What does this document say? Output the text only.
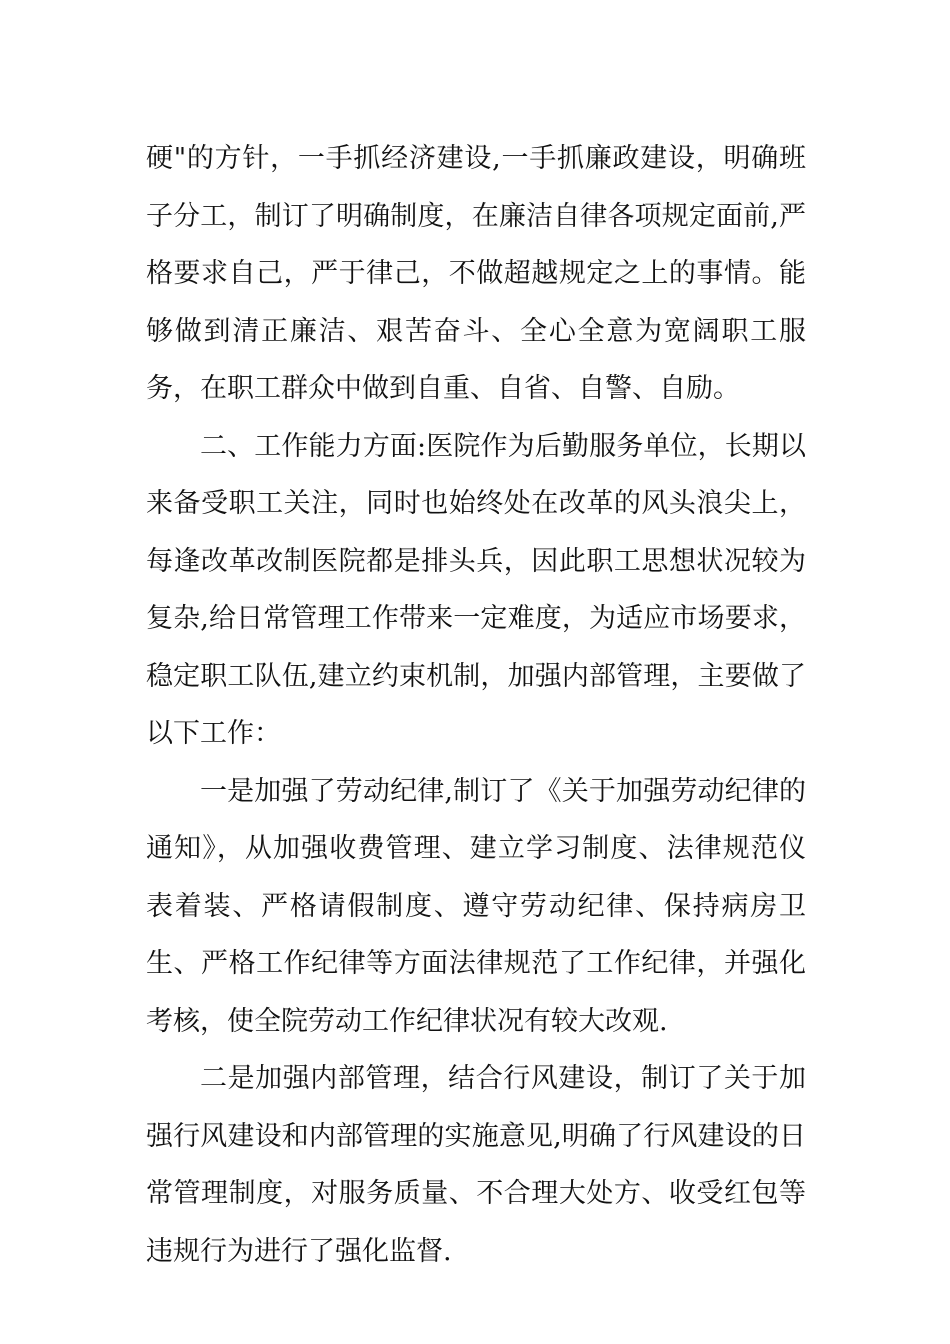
硬"的方针，一手抓经济建设,一手抓廉政建设，明确班子分工，制订了明确制度，在廉洁自律各项规定面前,严格要求自己，严于律己，不做超越规定之上的事情。能够做到清正廉洁、艰苦奋斗、全心全意为宽阔职工服务，在职工群众中做到自重、自省、自警、自励。

二、工作能力方面:医院作为后勤服务单位，长期以来备受职工关注，同时也始终处在改革的风头浪尖上，每逢改革改制医院都是排头兵，因此职工思想状况较为复杂,给日常管理工作带来一定难度，为适应市场要求，稳定职工队伍,建立约束机制，加强内部管理，主要做了以下工作：

一是加强了劳动纪律,制订了《关于加强劳动纪律的通知》，从加强收费管理、建立学习制度、法律规范仪表着装、严格请假制度、遵守劳动纪律、保持病房卫生、严格工作纪律等方面法律规范了工作纪律，并强化考核，使全院劳动工作纪律状况有较大改观.

二是加强内部管理，结合行风建设，制订了关于加强行风建设和内部管理的实施意见,明确了行风建设的日常管理制度，对服务质量、不合理大处方、收受红包等违规行为进行了强化监督.
